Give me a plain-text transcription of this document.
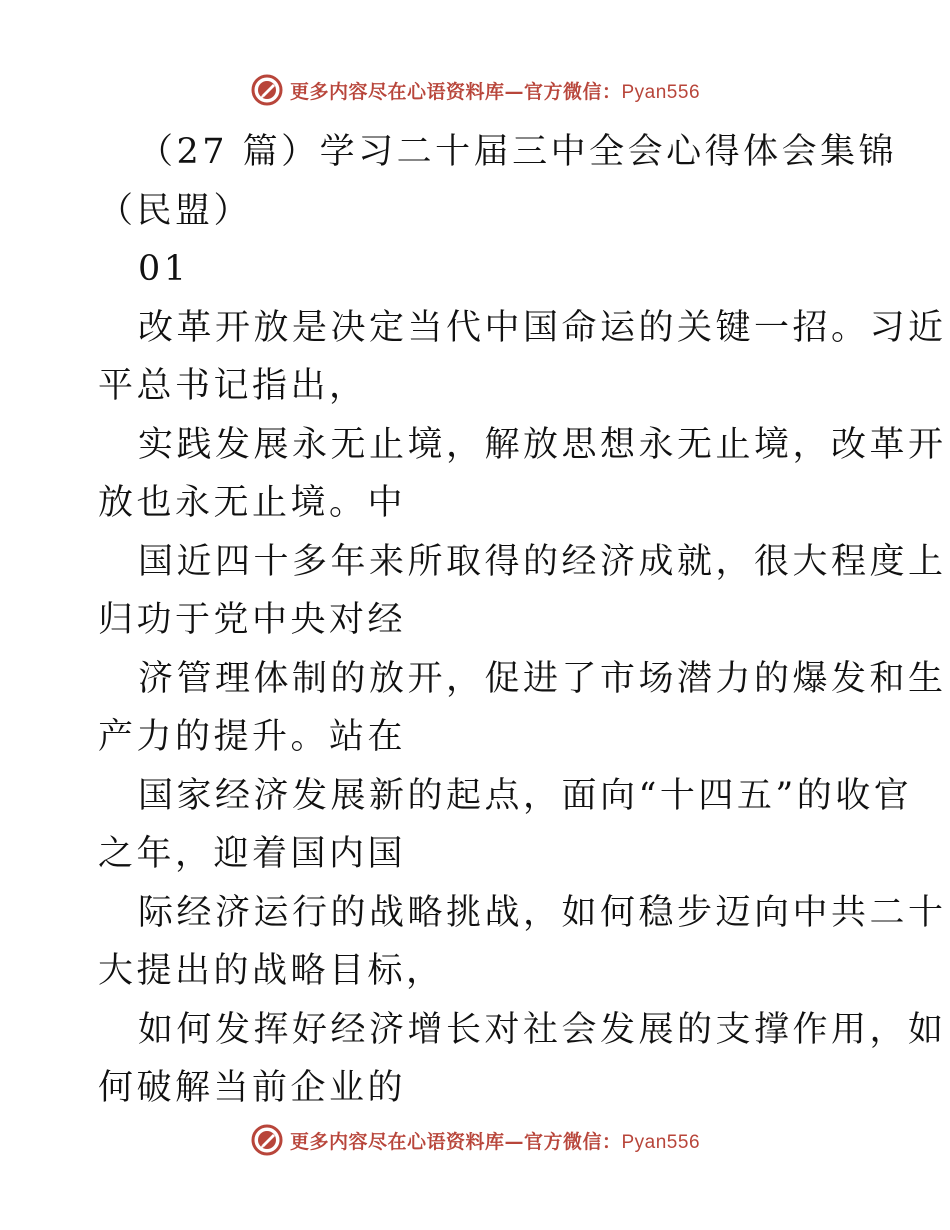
更多内容尽在心语资料库—官方微信：Pyan556
（27 篇）学习二十届三中全会心得体会集锦
（民盟）
01
改革开放是决定当代中国命运的关键一招。习近
平总书记指出，
实践发展永无止境，解放思想永无止境，改革开
放也永无止境。中
国近四十多年来所取得的经济成就，很大程度上
归功于党中央对经
济管理体制的放开，促进了市场潜力的爆发和生
产力的提升。站在
国家经济发展新的起点，面向“十四五”的收官
之年，迎着国内国
际经济运行的战略挑战，如何稳步迈向中共二十
大提出的战略目标，
如何发挥好经济增长对社会发展的支撑作用，如
何破解当前企业的
更多内容尽在心语资料库—官方微信：Pyan556
